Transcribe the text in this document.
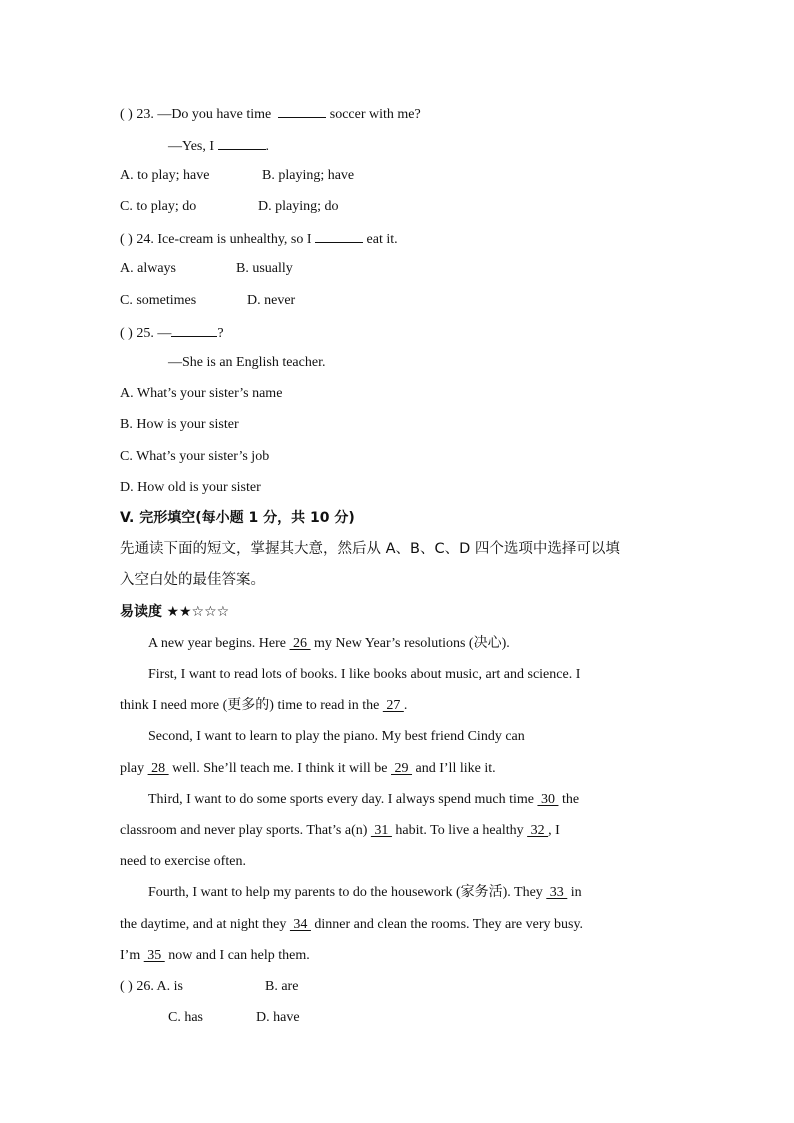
( ) 23. —Do you have time	soccer with me?
—Yes, I	.
A. to play; have	B. playing; have
C. to play; do	D. playing; do
( ) 24. Ice-cream is unhealthy, so I	eat it.
A. always	B. usually
C. sometimes	D. never
( ) 25. —	?
—She is an English teacher.
A. What’s your sister’s name
B. How is your sister
C. What’s your sister’s job
D. How old is your sister
V. 完形填空(每小题 1 分，共 10 分)
先通读下面的短文，掌握其大意，然后从 A、B、C、D 四个选项中选择可以填
入空白处的最佳答案。
易读度 ★★☆☆☆
A new year begins. Here  26  my New Year’s resolutions (决心).
First, I want to read lots of books. I like books about music, art and science. I
think I need more (更多的) time to read in the  27 .
Second, I want to learn to play the piano. My best friend Cindy can
play  28  well. She’ll teach me. I think it will be  29  and I’ll like it.
Third, I want to do some sports every day. I always spend much time  30  the
classroom and never play sports. That’s a(n)  31  habit. To live a healthy  32 , I
need to exercise often.
Fourth, I want to help my parents to do the housework (家务活). They  33  in
the daytime, and at night they  34  dinner and clean the rooms. They are very busy.
I’m  35  now and I can help them.
( ) 26. A. is	B. are
C. has	D. have
